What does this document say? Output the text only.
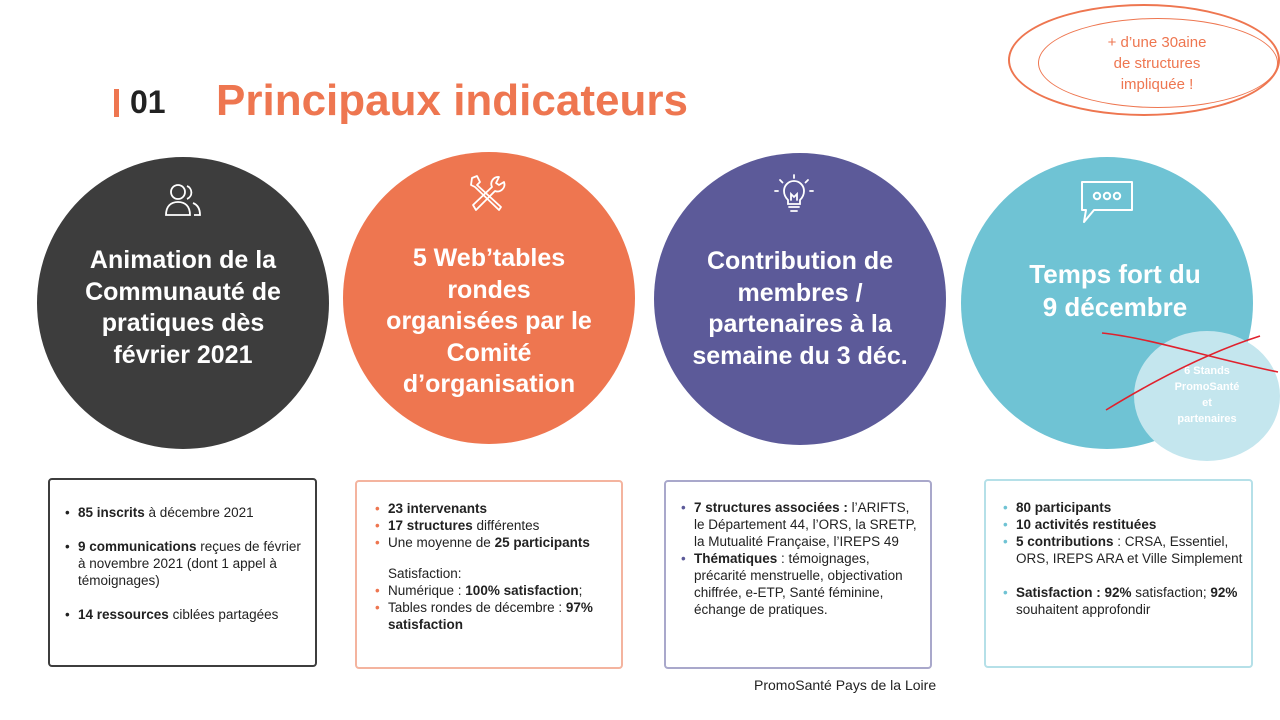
01 Principaux indicateurs
+ d’une 30aine
de structures
impliquée !
Animation de la
Communauté de
pratiques dès
février 2021
5 Web’tables
rondes
organisées par le
Comité
d’organisation
Contribution de
membres /
partenaires à la
semaine du 3 déc.
Temps fort du
9 décembre
6 Stands
PromoSanté
et
partenaires
• 85 inscrits à décembre 2021
• 9 communications reçues de février à novembre 2021 (dont 1 appel à témoignages)
• 14 ressources ciblées partagées
• 23 intervenants
• 17 structures différentes
• Une moyenne de 25 participants
Satisfaction:
• Numérique : 100% satisfaction;
• Tables rondes de décembre : 97% satisfaction
• 7 structures associées : l’ARIFTS, le Département 44, l’ORS, la SRETP, la Mutualité Française, l’IREPS 49
• Thématiques : témoignages, précarité menstruelle, objectivation chiffrée, e-ETP, Santé féminine, échange de pratiques.
• 80 participants
• 10 activités restituées
• 5 contributions : CRSA, Essentiel, ORS, IREPS ARA et Ville Simplement
• Satisfaction : 92% satisfaction; 92% souhaitent approfondir
PromoSanté Pays de la Loire
